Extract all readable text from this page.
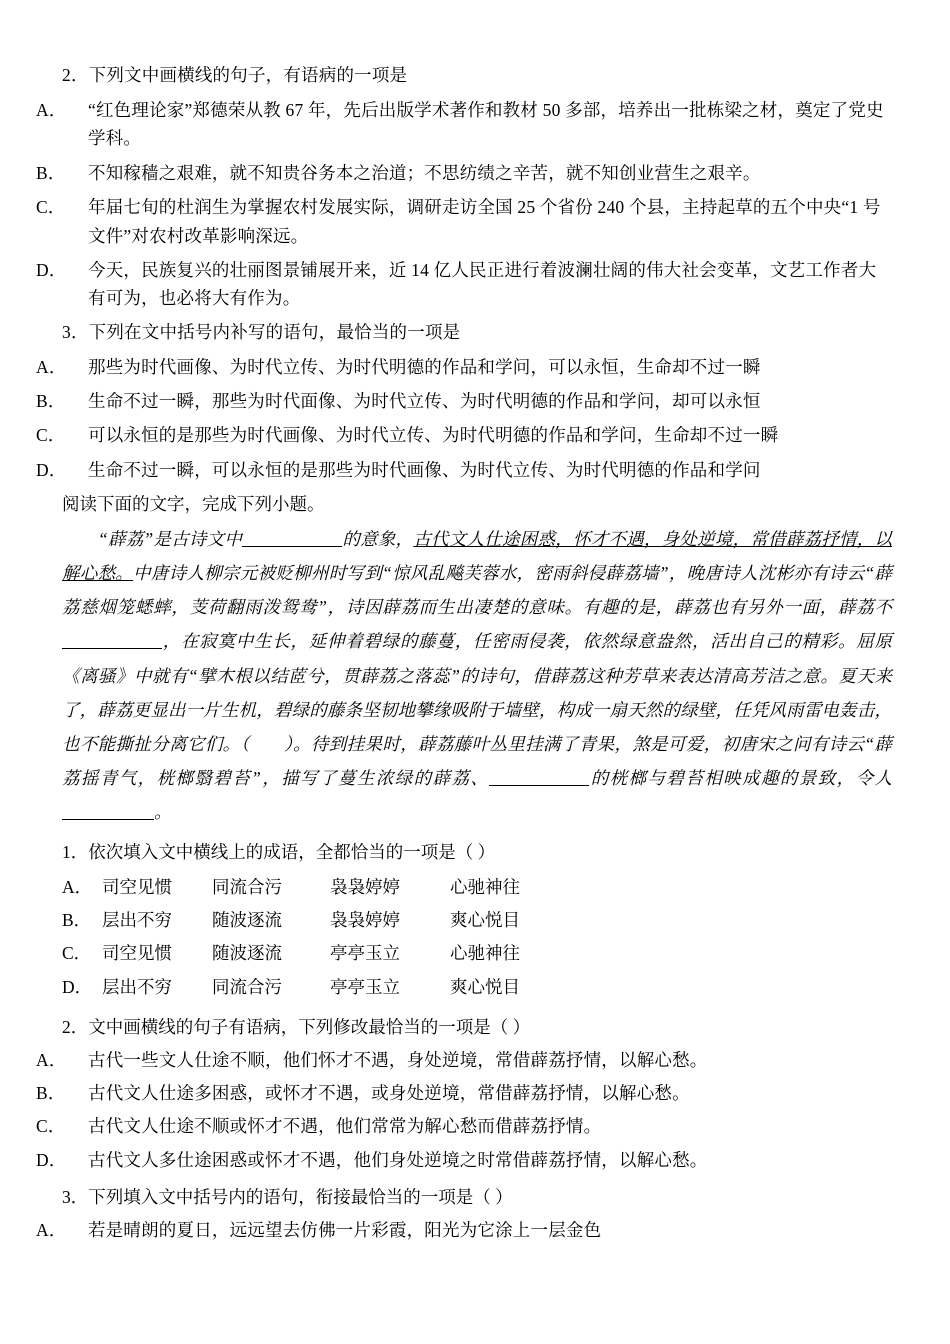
2．下列文中画横线的句子，有语病的一项是

A． “红色理论家”郑德荣从教 67 年，先后出版学术著作和教材 50 多部，培养出一批栋梁之材，奠定了党史学科。

B． 不知稼穑之艰难，就不知贵谷务本之治道；不思纺绩之辛苦，就不知创业营生之艰辛。

C． 年届七旬的杜润生为掌握农村发展实际，调研走访全国 25 个省份 240 个县，主持起草的五个中央“1 号文件”对农村改革影响深远。

D． 今天，民族复兴的壮丽图景铺展开来，近 14 亿人民正进行着波澜壮阔的伟大社会变革，文艺工作者大有可为，也必将大有作为。

3．下列在文中括号内补写的语句，最恰当的一项是

A． 那些为时代画像、为时代立传、为时代明德的作品和学问，可以永恒，生命却不过一瞬

B． 生命不过一瞬，那些为时代面像、为时代立传、为时代明德的作品和学问，却可以永恒

C． 可以永恒的是那些为时代画像、为时代立传、为时代明德的作品和学问，生命却不过一瞬

D． 生命不过一瞬，可以永恒的是那些为时代画像、为时代立传、为时代明德的作品和学问

阅读下面的文字，完成下列小题。

“薜荔”是古诗文中	的意象，古代文人仕途困惑，怀才不遇，身处逆境，常借薜荔抒情，以解心愁。中唐诗人柳宗元被贬柳州时写到“惊风乱飚芙蓉水，密雨斜侵薜荔墙”，晚唐诗人沈彬亦有诗云“薜荔慈烟笼蟋蟀，芰荷翻雨泼鸳鸯”，诗因薜荔而生出凄楚的意味。有趣的是，薜荔也有另外一面，薜荔不，在寂寞中生长，延伸着碧绿的藤蔓，任密雨侵袭，依然绿意盎然，活出自己的精彩。屈原《离骚》中就有“擘木根以结茝兮，贯薜荔之落蕊”的诗句，借薜荔这种芳草来表达清高芳洁之意。夏天来了，薜荔更显出一片生机，碧绿的藤条坚韧地攀缘吸附于墙壁，构成一扇天然的绿壁，任凭风雨雷电轰击，也不能撕扯分离它们。（ ）。待到挂果时，薜荔藤叶丛里挂满了青果，煞是可爱，初唐宋之问有诗云“薜荔摇青气，桄榔翳碧苔”，描写了蔓生浓绿的薜荔、	的桄榔与碧苔相映成趣的景致，令人。

1．依次填入文中横线上的成语，全都恰当的一项是（ ）

A．	司空见惯	同流合污	袅袅婷婷	心驰神往
B．	层出不穷	随波逐流	袅袅婷婷	爽心悦目
C．	司空见惯	随波逐流	亭亭玉立	心驰神往
D．	层出不穷	同流合污	亭亭玉立	爽心悦目

2．文中画横线的句子有语病，下列修改最恰当的一项是（ ）

A． 古代一些文人仕途不顺，他们怀才不遇，身处逆境，常借薜荔抒情，以解心愁。

B． 古代文人仕途多困惑，或怀才不遇，或身处逆境，常借薜荔抒情，以解心愁。

C． 古代文人仕途不顺或怀才不遇，他们常常为解心愁而借薜荔抒情。

D． 古代文人多仕途困惑或怀才不遇，他们身处逆境之时常借薜荔抒情，以解心愁。

3．下列填入文中括号内的语句，衔接最恰当的一项是（ ）

A． 若是晴朗的夏日，远远望去仿佛一片彩霞，阳光为它涂上一层金色
